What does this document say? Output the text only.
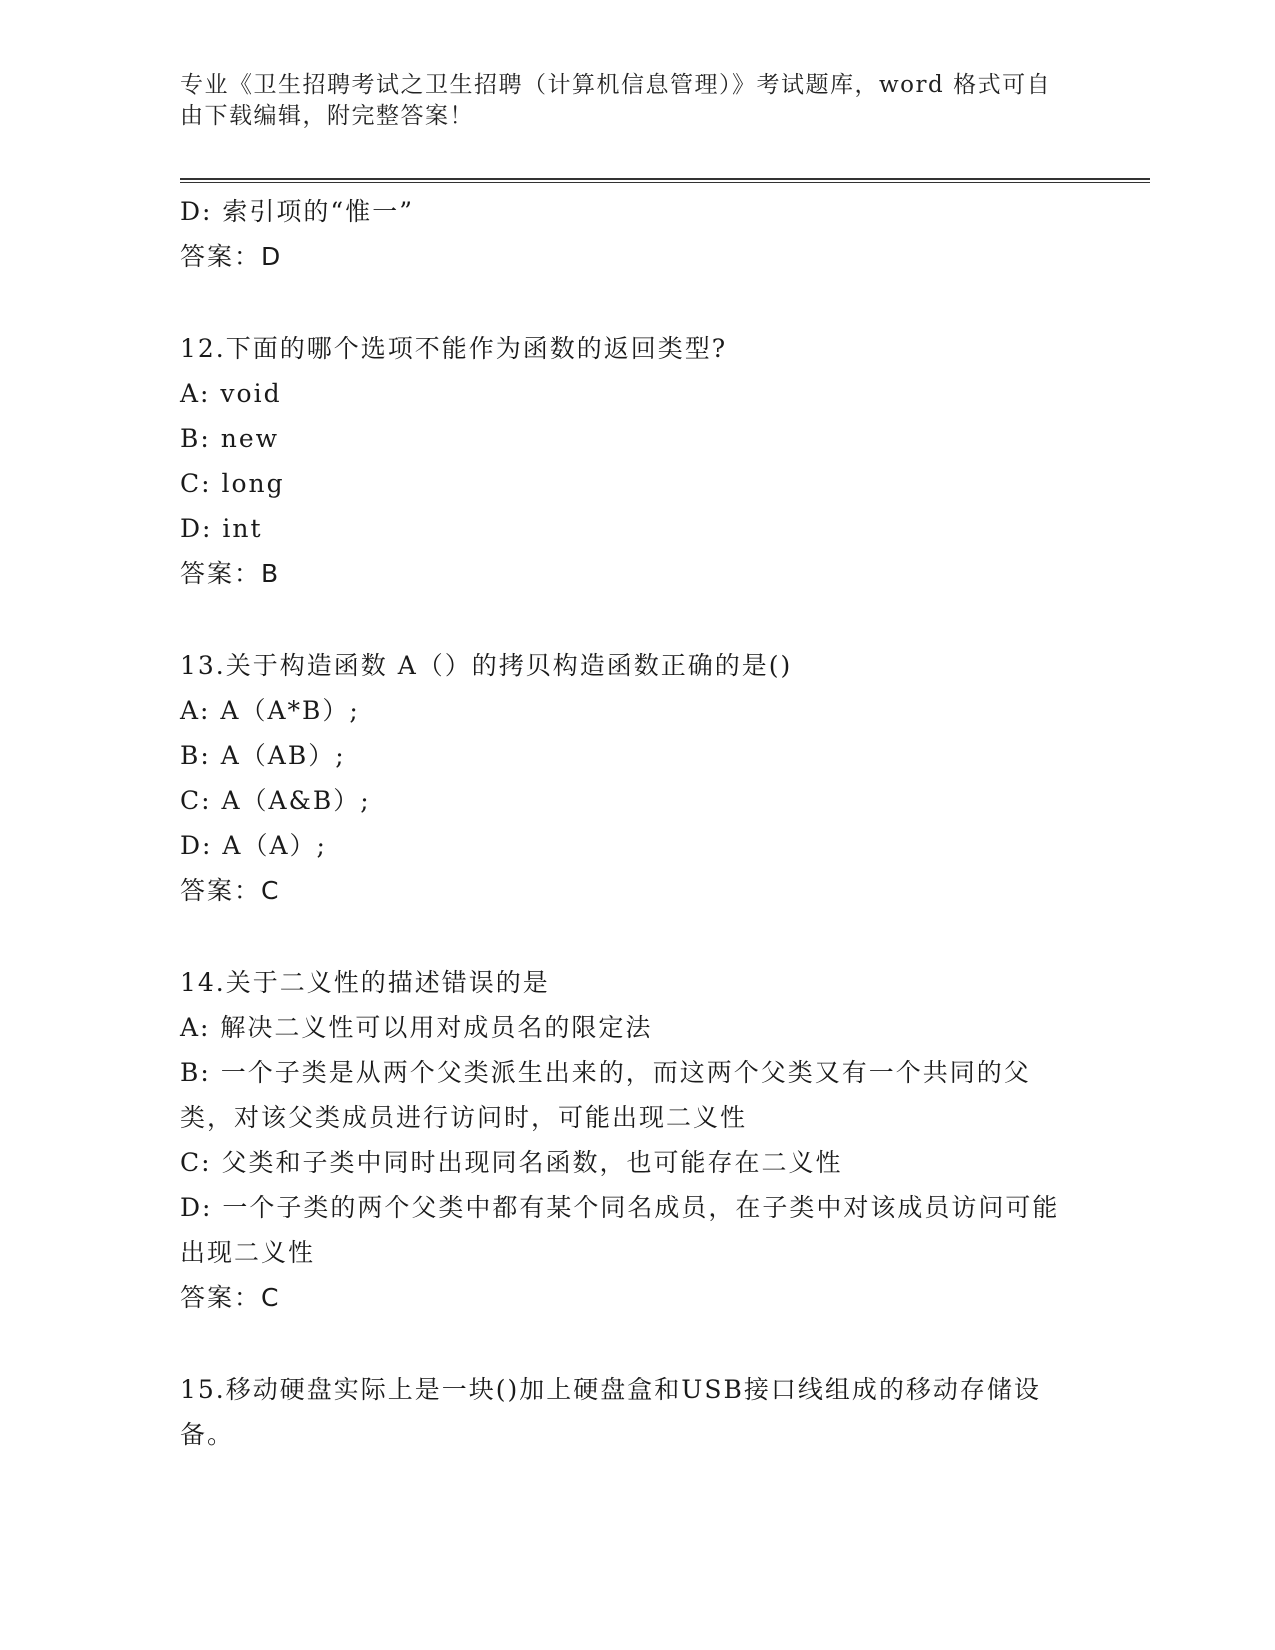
专业《卫生招聘考试之卫生招聘（计算机信息管理）》考试题库，word 格式可自由下载编辑，附完整答案！
D: 索引项的“惟一”
答案：D
12.下面的哪个选项不能作为函数的返回类型?
A: void
B: new
C: long
D: int
答案：B
13.关于构造函数 A（）的拷贝构造函数正确的是()
A: A（A*B）;
B: A（AB）;
C: A（A&B）;
D: A（A）;
答案：C
14.关于二义性的描述错误的是
A: 解决二义性可以用对成员名的限定法
B: 一个子类是从两个父类派生出来的，而这两个父类又有一个共同的父类，对该父类成员进行访问时，可能出现二义性
C: 父类和子类中同时出现同名函数，也可能存在二义性
D: 一个子类的两个父类中都有某个同名成员，在子类中对该成员访问可能出现二义性
答案：C
15.移动硬盘实际上是一块()加上硬盘盒和USB接口线组成的移动存储设备。
